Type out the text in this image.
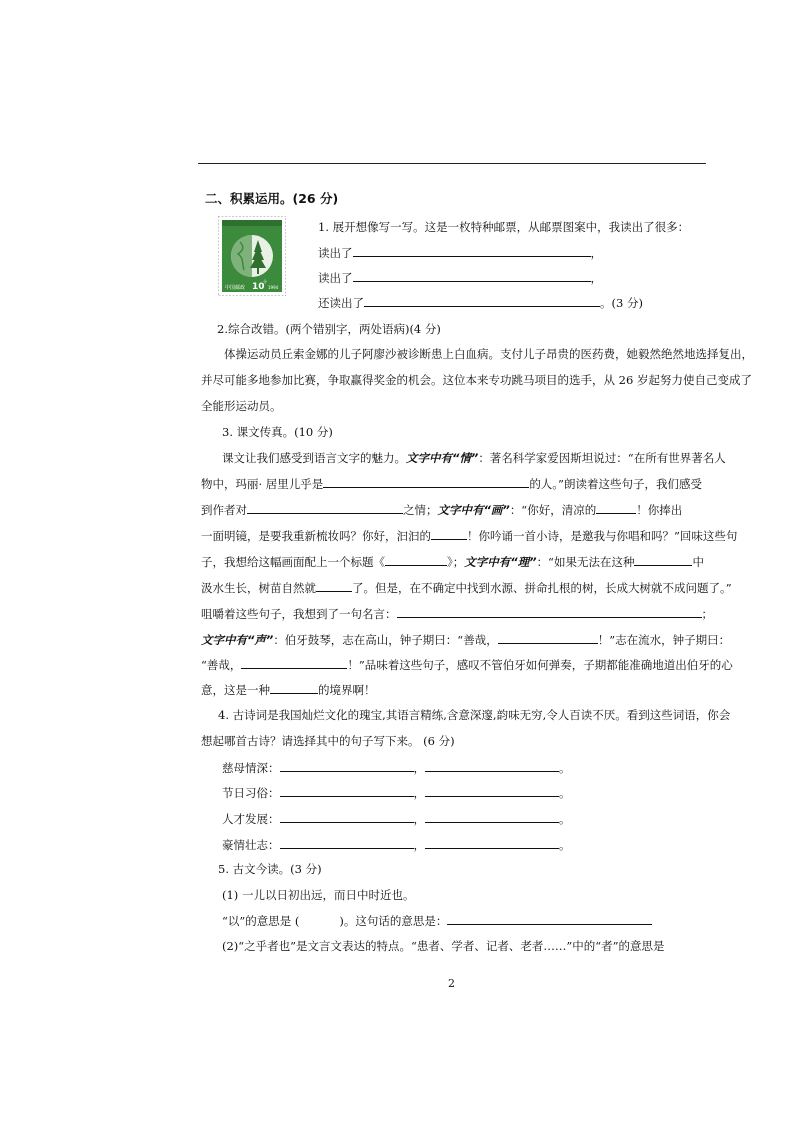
二、积累运用。(26 分)
中国邮政 10
分
1994
1. 展开想像写一写。这是一枚特种邮票，从邮票图案中，我读出了很多：
读出了	，
读出了	，
还读出了	。(3 分)
2.综合改错。(两个错别字，两处语病)(4 分)
体操运动员丘索金娜的儿子阿廖沙被诊断患上白血病。支付儿子昂贵的医药费，她毅然绝然地选择复出，
并尽可能多地参加比赛，争取赢得奖金的机会。这位本来专功跳马项目的选手，从 26 岁起努力使自己变成了
全能形运动员。
3. 课文传真。(10 分)
课文让我们感受到语言文字的魅力。文字中有“情”：著名科学家爱因斯坦说过：“在所有世界著名人
物中，玛丽· 居里儿乎是	的人。”朗读着这些句子，我们感受
到作者对	之情；文字中有“画”：“你好，清凉的	！你捧出
一面明镜，是要我重新梳妆吗？你好，汩汩的	！你吟诵一首小诗，是邀我与你唱和吗？”回味这些句
子，我想给这幅画面配上一个标题《	》；文字中有“理”：“如果无法在这种	中
汲水生长，树苗自然就	了。但是，在不确定中找到水源、拼命扎根的树，长成大树就不成问题了。”
咀嚼着这些句子，我想到了一句名言：	；
文字中有“声”：伯牙鼓琴，志在高山，钟子期曰：“善哉，	！”志在流水，钟子期曰：
“善哉，	！”品味着这些句子，感叹不管伯牙如何弹奏，子期都能准确地道出伯牙的心
意，这是一种	的境界啊！
4. 古诗词是我国灿烂文化的瑰宝,其语言精练,含意深邃,韵味无穷,令人百读不厌。看到这些词语，你会
想起哪首古诗？请选择其中的句子写下来。 (6 分)
慈母情深：	，	。
节日习俗：	，	。
人才发展：	，	。
豪情壮志：	，	。
5. 古文今读。(3 分)
(1) 一儿以日初出远，而日中时近也。
“以”的意思是 (	)。这句话的意思是：
(2)“之乎者也”是文言文表达的特点。“患者、学者、记者、老者……”中的“者”的意思是
2
